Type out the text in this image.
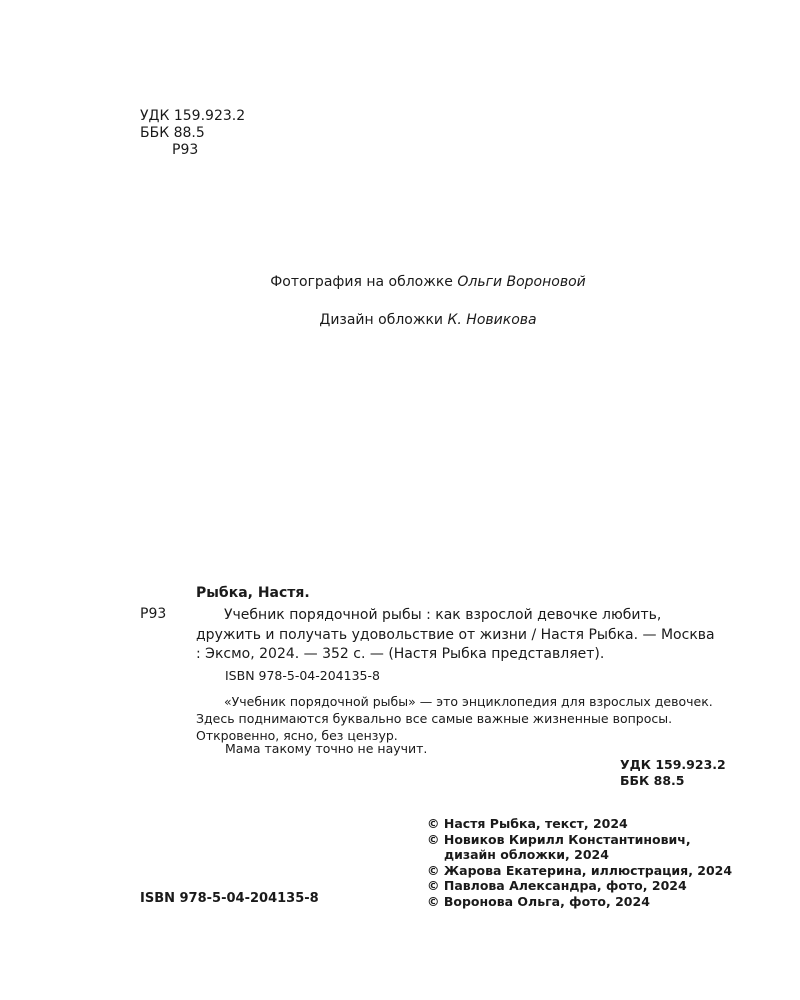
УДК 159.923.2
ББК 88.5
Р93
Фотография на обложке Ольги Вороновой
Дизайн обложки К. Новикова
Рыбка, Настя.
Р93	Учебник порядочной рыбы : как взрослой девочке любить, дружить и получать удовольствие от жизни / Настя Рыбка. — Москва : Эксмо, 2024. — 352 с. — (Настя Рыбка представляет).
ISBN 978-5-04-204135-8
«Учебник порядочной рыбы» — это энциклопедия для взрослых девочек. Здесь поднимаются буквально все самые важные жизненные вопросы. Откровенно, ясно, без цензур.
Мама такому точно не научит.
УДК 159.923.2
ББК 88.5
© Настя Рыбка, текст, 2024
© Новиков Кирилл Константинович,
дизайн обложки, 2024
© Жарова Екатерина, иллюстрация, 2024
© Павлова Александра, фото, 2024
© Воронова Ольга, фото, 2024
ISBN 978-5-04-204135-8
